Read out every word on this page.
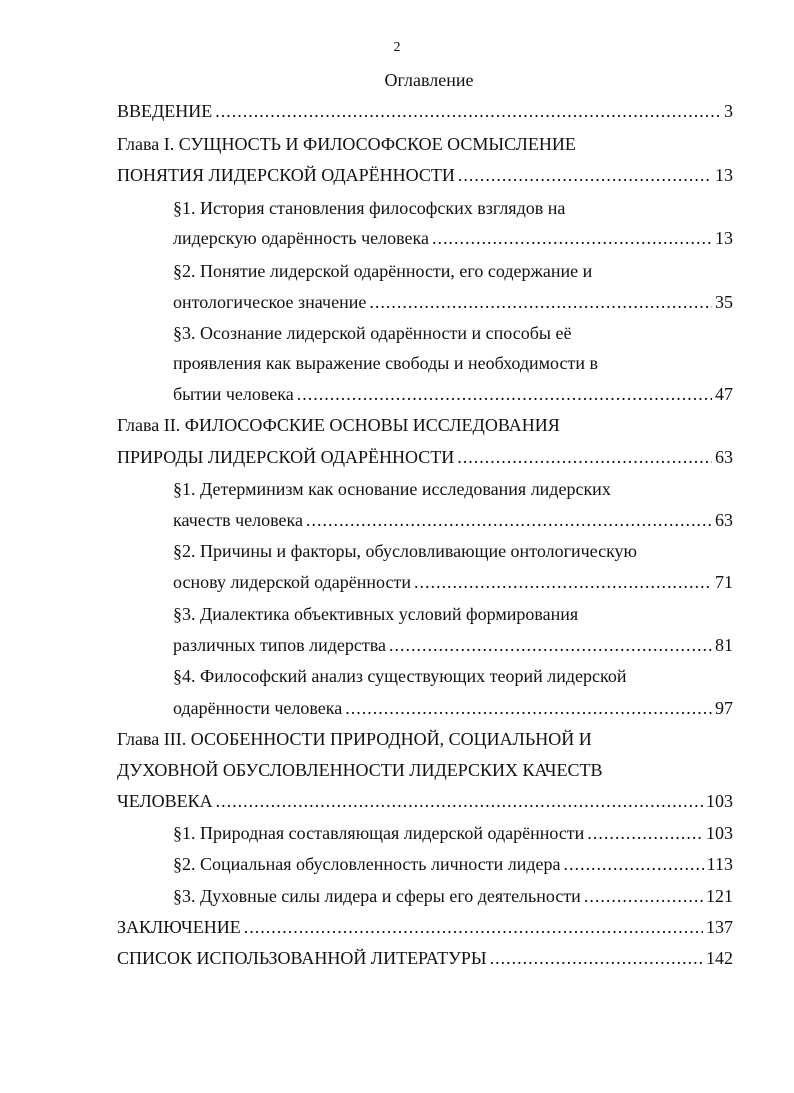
2
Оглавление
ВВЕДЕНИЕ .....	3
Глава I. СУЩНОСТЬ И ФИЛОСОФСКОЕ ОСМЫСЛЕНИЕ
ПОНЯТИЯ ЛИДЕРСКОЙ ОДАРЁННОСТИ .....	13
§1. История становления философских взглядов на
лидерскую одарённость человека .....	13
§2. Понятие лидерской одарённости, его содержание и
онтологическое значение .....	35
§3. Осознание лидерской одарённости и способы её
проявления как выражение свободы и необходимости в
бытии человека .....	47
Глава II. ФИЛОСОФСКИЕ ОСНОВЫ ИССЛЕДОВАНИЯ
ПРИРОДЫ ЛИДЕРСКОЙ ОДАРЁННОСТИ .....	63
§1. Детерминизм как основание исследования лидерских
качеств человека .....	63
§2. Причины и факторы, обусловливающие онтологическую
основу лидерской одарённости .....	71
§3. Диалектика объективных условий формирования
различных типов лидерства .....	81
§4. Философский анализ существующих теорий лидерской
одарённости человека .....	97
Глава III. ОСОБЕННОСТИ ПРИРОДНОЙ, СОЦИАЛЬНОЙ И
ДУХОВНОЙ ОБУСЛОВЛЕННОСТИ ЛИДЕРСКИХ КАЧЕСТВ
ЧЕЛОВЕКА .....	103
§1. Природная составляющая лидерской одарённости .....	103
§2. Социальная обусловленность личности лидера .....	113
§3. Духовные силы лидера и сферы его деятельности .....	121
ЗАКЛЮЧЕНИЕ .....	137
СПИСОК ИСПОЛЬЗОВАННОЙ ЛИТЕРАТУРЫ .....	142
